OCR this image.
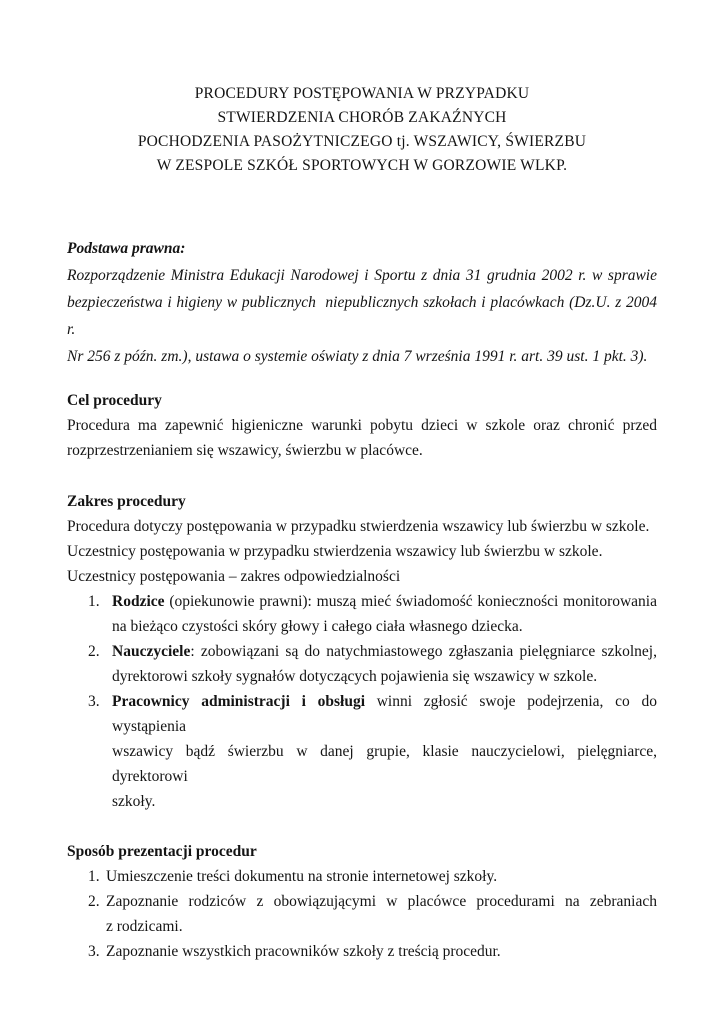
PROCEDURY POSTĘPOWANIA W PRZYPADKU
STWIERDZENIA CHORÓB ZAKAŹNYCH
POCHODZENIA PASOŻYTNICZEGO tj. WSZAWICY, ŚWIERZBU
W ZESPOLE SZKÓŁ SPORTOWYCH W GORZOWIE WLKP.
Podstawa prawna:
Rozporządzenie Ministra Edukacji Narodowej i Sportu z dnia 31 grudnia 2002 r. w sprawie
bezpieczeństwa i higieny w publicznych  niepublicznych szkołach i placówkach (Dz.U. z 2004 r.
Nr 256 z późn. zm.), ustawa o systemie oświaty z dnia 7 września 1991 r. art. 39 ust. 1 pkt. 3).
Cel procedury
Procedura ma zapewnić higieniczne warunki pobytu dzieci w szkole oraz chronić przed
rozprzestrzenianiem się wszawicy, świerzbu w placówce.
Zakres procedury
Procedura dotyczy postępowania w przypadku stwierdzenia wszawicy lub świerzbu w szkole.
Uczestnicy postępowania w przypadku stwierdzenia wszawicy lub świerzbu w szkole.
Uczestnicy postępowania – zakres odpowiedzialności
1. Rodzice (opiekunowie prawni): muszą mieć świadomość konieczności monitorowania
na bieżąco czystości skóry głowy i całego ciała własnego dziecka.
2. Nauczyciele: zobowiązani są do natychmiastowego zgłaszania pielęgniarce szkolnej,
dyrektorowi szkoły sygnałów dotyczących pojawienia się wszawicy w szkole.
3. Pracownicy administracji i obsługi winni zgłosić swoje podejrzenia, co do wystąpienia
wszawicy bądź świerzbu w danej grupie, klasie nauczycielowi, pielęgniarce, dyrektorowi
szkoły.
Sposób prezentacji procedur
1. Umieszczenie treści dokumentu na stronie internetowej szkoły.
2. Zapoznanie rodziców z obowiązującymi w placówce procedurami na zebraniach
z rodzicami.
3. Zapoznanie wszystkich pracowników szkoły z treścią procedur.
